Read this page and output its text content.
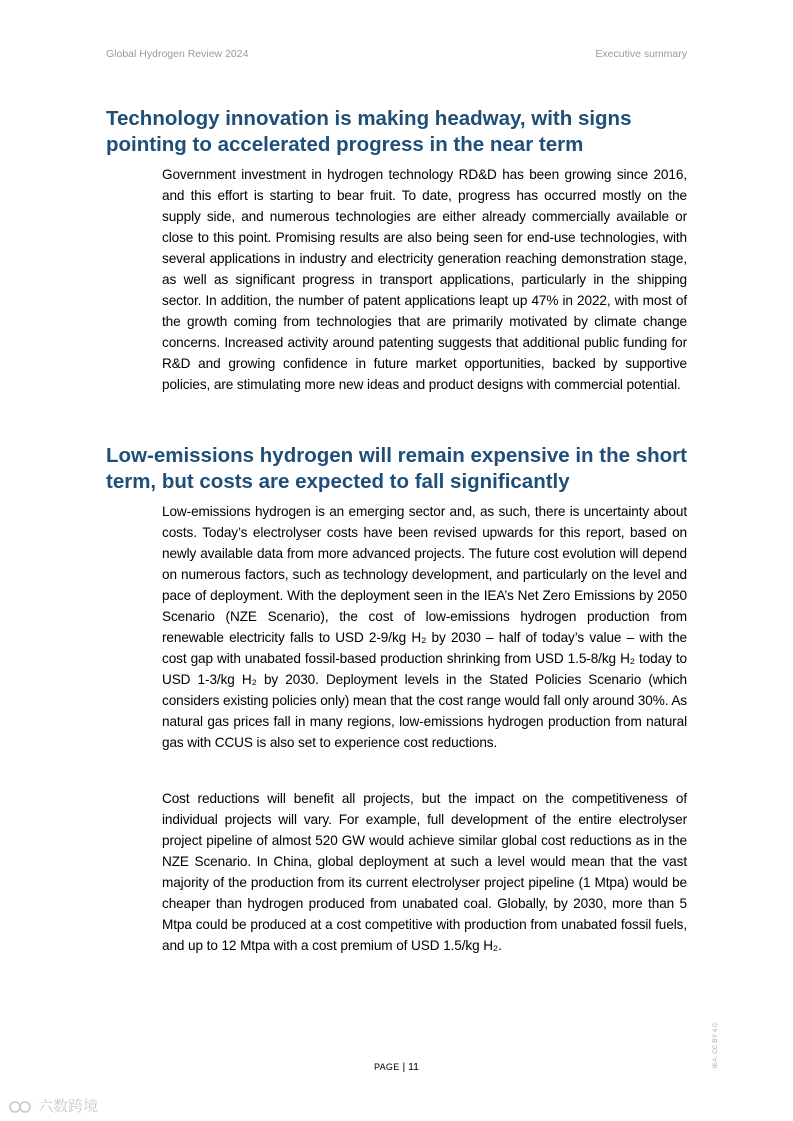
Global Hydrogen Review 2024	Executive summary
Technology innovation is making headway, with signs pointing to accelerated progress in the near term

Government investment in hydrogen technology RD&D has been growing since 2016, and this effort is starting to bear fruit. To date, progress has occurred mostly on the supply side, and numerous technologies are either already commercially available or close to this point. Promising results are also being seen for end-use technologies, with several applications in industry and electricity generation reaching demonstration stage, as well as significant progress in transport applications, particularly in the shipping sector. In addition, the number of patent applications leapt up 47% in 2022, with most of the growth coming from technologies that are primarily motivated by climate change concerns. Increased activity around patenting suggests that additional public funding for R&D and growing confidence in future market opportunities, backed by supportive policies, are stimulating more new ideas and product designs with commercial potential.

Low-emissions hydrogen will remain expensive in the short term, but costs are expected to fall significantly

Low-emissions hydrogen is an emerging sector and, as such, there is uncertainty about costs. Today’s electrolyser costs have been revised upwards for this report, based on newly available data from more advanced projects. The future cost evolution will depend on numerous factors, such as technology development, and particularly on the level and pace of deployment. With the deployment seen in the IEA’s Net Zero Emissions by 2050 Scenario (NZE Scenario), the cost of low-emissions hydrogen production from renewable electricity falls to USD 2-9/kg H₂ by 2030 – half of today’s value – with the cost gap with unabated fossil-based production shrinking from USD 1.5-8/kg H₂ today to USD 1-3/kg H₂ by 2030. Deployment levels in the Stated Policies Scenario (which considers existing policies only) mean that the cost range would fall only around 30%. As natural gas prices fall in many regions, low-emissions hydrogen production from natural gas with CCUS is also set to experience cost reductions.

Cost reductions will benefit all projects, but the impact on the competitiveness of individual projects will vary. For example, full development of the entire electrolyser project pipeline of almost 520 GW would achieve similar global cost reductions as in the NZE Scenario. In China, global deployment at such a level would mean that the vast majority of the production from its current electrolyser project pipeline (1 Mtpa) would be cheaper than hydrogen produced from unabated coal. Globally, by 2030, more than 5 Mtpa could be produced at a cost competitive with production from unabated fossil fuels, and up to 12 Mtpa with a cost premium of USD 1.5/kg H₂.

PAGE | 11	IEA. CC BY 4.0.
六数跨境
